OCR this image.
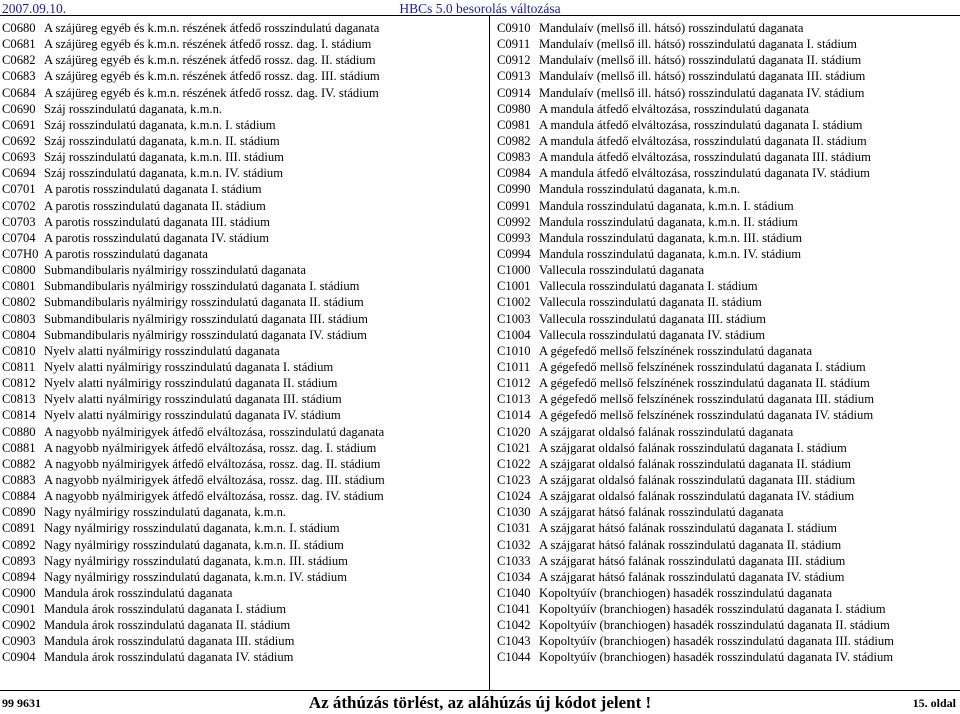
2007.09.10.	HBCs 5.0 besorolás változása
C0680 A szájüreg egyéb és k.m.n. részének átfedő rosszindulatú daganata
C0681 A szájüreg egyéb és k.m.n. részének átfedő rossz. dag. I. stádium
C0682 A szájüreg egyéb és k.m.n. részének átfedő rossz. dag. II. stádium
C0683 A szájüreg egyéb és k.m.n. részének átfedő rossz. dag. III. stádium
C0684 A szájüreg egyéb és k.m.n. részének átfedő rossz. dag. IV. stádium
C0690 Száj rosszindulatú daganata, k.m.n.
C0691 Száj rosszindulatú daganata, k.m.n. I. stádium
C0692 Száj rosszindulatú daganata, k.m.n. II. stádium
C0693 Száj rosszindulatú daganata, k.m.n. III. stádium
C0694 Száj rosszindulatú daganata, k.m.n. IV. stádium
C0701 A parotis rosszindulatú daganata I. stádium
C0702 A parotis rosszindulatú daganata II. stádium
C0703 A parotis rosszindulatú daganata III. stádium
C0704 A parotis rosszindulatú daganata IV. stádium
C07H0 A parotis rosszindulatú daganata
C0800 Submandibularis nyálmirigy rosszindulatú daganata
C0801 Submandibularis nyálmirigy rosszindulatú daganata I. stádium
C0802 Submandibularis nyálmirigy rosszindulatú daganata II. stádium
C0803 Submandibularis nyálmirigy rosszindulatú daganata III. stádium
C0804 Submandibularis nyálmirigy rosszindulatú daganata IV. stádium
C0810 Nyelv alatti nyálmirigy rosszindulatú daganata
C0811 Nyelv alatti nyálmirigy rosszindulatú daganata I. stádium
C0812 Nyelv alatti nyálmirigy rosszindulatú daganata II. stádium
C0813 Nyelv alatti nyálmirigy rosszindulatú daganata III. stádium
C0814 Nyelv alatti nyálmirigy rosszindulatú daganata IV. stádium
C0880 A nagyobb nyálmirigyek átfedő elváltozása, rosszindulatú daganata
C0881 A nagyobb nyálmirigyek átfedő elváltozása, rossz. dag. I. stádium
C0882 A nagyobb nyálmirigyek átfedő elváltozása, rossz. dag. II. stádium
C0883 A nagyobb nyálmirigyek átfedő elváltozása, rossz. dag. III. stádium
C0884 A nagyobb nyálmirigyek átfedő elváltozása, rossz. dag. IV. stádium
C0890 Nagy nyálmirigy rosszindulatú daganata, k.m.n.
C0891 Nagy nyálmirigy rosszindulatú daganata, k.m.n. I. stádium
C0892 Nagy nyálmirigy rosszindulatú daganata, k.m.n. II. stádium
C0893 Nagy nyálmirigy rosszindulatú daganata, k.m.n. III. stádium
C0894 Nagy nyálmirigy rosszindulatú daganata, k.m.n. IV. stádium
C0900 Mandula árok rosszindulatú daganata
C0901 Mandula árok rosszindulatú daganata I. stádium
C0902 Mandula árok rosszindulatú daganata II. stádium
C0903 Mandula árok rosszindulatú daganata III. stádium
C0904 Mandula árok rosszindulatú daganata IV. stádium
C0910 Mandulaív (mellső ill. hátsó) rosszindulatú daganata
C0911 Mandulaív (mellső ill. hátsó) rosszindulatú daganata I. stádium
C0912 Mandulaív (mellső ill. hátsó) rosszindulatú daganata II. stádium
C0913 Mandulaív (mellső ill. hátsó) rosszindulatú daganata III. stádium
C0914 Mandulaív (mellső ill. hátsó) rosszindulatú daganata IV. stádium
C0980 A mandula átfedő elváltozása, rosszindulatú daganata
C0981 A mandula átfedő elváltozása, rosszindulatú daganata I. stádium
C0982 A mandula átfedő elváltozása, rosszindulatú daganata II. stádium
C0983 A mandula átfedő elváltozása, rosszindulatú daganata III. stádium
C0984 A mandula átfedő elváltozása, rosszindulatú daganata IV. stádium
C0990 Mandula rosszindulatú daganata, k.m.n.
C0991 Mandula rosszindulatú daganata, k.m.n. I. stádium
C0992 Mandula rosszindulatú daganata, k.m.n. II. stádium
C0993 Mandula rosszindulatú daganata, k.m.n. III. stádium
C0994 Mandula rosszindulatú daganata, k.m.n. IV. stádium
C1000 Vallecula rosszindulatú daganata
C1001 Vallecula rosszindulatú daganata I. stádium
C1002 Vallecula rosszindulatú daganata II. stádium
C1003 Vallecula rosszindulatú daganata III. stádium
C1004 Vallecula rosszindulatú daganata IV. stádium
C1010 A gégefedő mellső felszínének rosszindulatú daganata
C1011 A gégefedő mellső felszínének rosszindulatú daganata I. stádium
C1012 A gégefedő mellső felszínének rosszindulatú daganata II. stádium
C1013 A gégefedő mellső felszínének rosszindulatú daganata III. stádium
C1014 A gégefedő mellső felszínének rosszindulatú daganata IV. stádium
C1020 A szájgarat oldalsó falának rosszindulatú daganata
C1021 A szájgarat oldalsó falának rosszindulatú daganata I. stádium
C1022 A szájgarat oldalsó falának rosszindulatú daganata II. stádium
C1023 A szájgarat oldalsó falának rosszindulatú daganata III. stádium
C1024 A szájgarat oldalsó falának rosszindulatú daganata IV. stádium
C1030 A szájgarat hátsó falának rosszindulatú daganata
C1031 A szájgarat hátsó falának rosszindulatú daganata I. stádium
C1032 A szájgarat hátsó falának rosszindulatú daganata II. stádium
C1033 A szájgarat hátsó falának rosszindulatú daganata III. stádium
C1034 A szájgarat hátsó falának rosszindulatú daganata IV. stádium
C1040 Kopoltyúív (branchiogen) hasadék rosszindulatú daganata
C1041 Kopoltyúív (branchiogen) hasadék rosszindulatú daganata I. stádium
C1042 Kopoltyúív (branchiogen) hasadék rosszindulatú daganata II. stádium
C1043 Kopoltyúív (branchiogen) hasadék rosszindulatú daganata III. stádium
C1044 Kopoltyúív (branchiogen) hasadék rosszindulatú daganata IV. stádium
99 9631	Az áthúzás törlést, az aláhúzás új kódot jelent !	15. oldal
